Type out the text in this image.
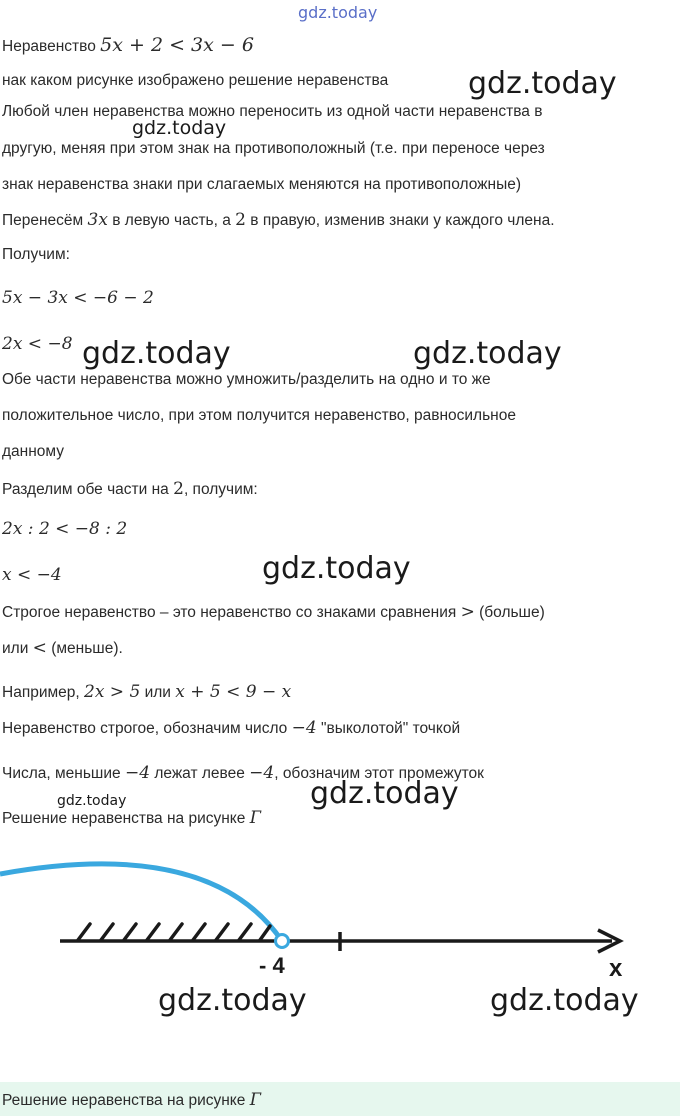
gdz.today
Неравенство 5x + 2 < 3x − 6
нак каком рисунке изображено решение неравенства
Любой член неравенства можно переносить из одной части неравенства в
другую, меняя при этом знак на противоположный (т.е. при переносе через
знак неравенства знаки при слагаемых меняются на противоположные)
Перенесём 3x в левую часть, а 2 в правую, изменив знаки у каждого члена.
Получим:
5x − 3x < −6 − 2
2x < −8
Обе части неравенства можно умножить/разделить на одно и то же
положительное число, при этом получится неравенство, равносильное
данному
Разделим обе части на 2, получим:
2x : 2 < −8 : 2
x < −4
Строгое неравенство – это неравенство со знаками сравнения > (больше)
или < (меньше).
Например, 2x > 5 или x + 5 < 9 − x
Неравенство строгое, обозначим число −4 "выколотой" точкой
Числа, меньшие −4 лежат левее −4, обозначим этот промежуток
Решение неравенства на рисунке Г
- 4	x
gdz.today
gdz.today
gdz.today	gdz.today
gdz.today
gdz.today	gdz.today
gdz.today	gdz.today
Решение неравенства на рисунке Г
